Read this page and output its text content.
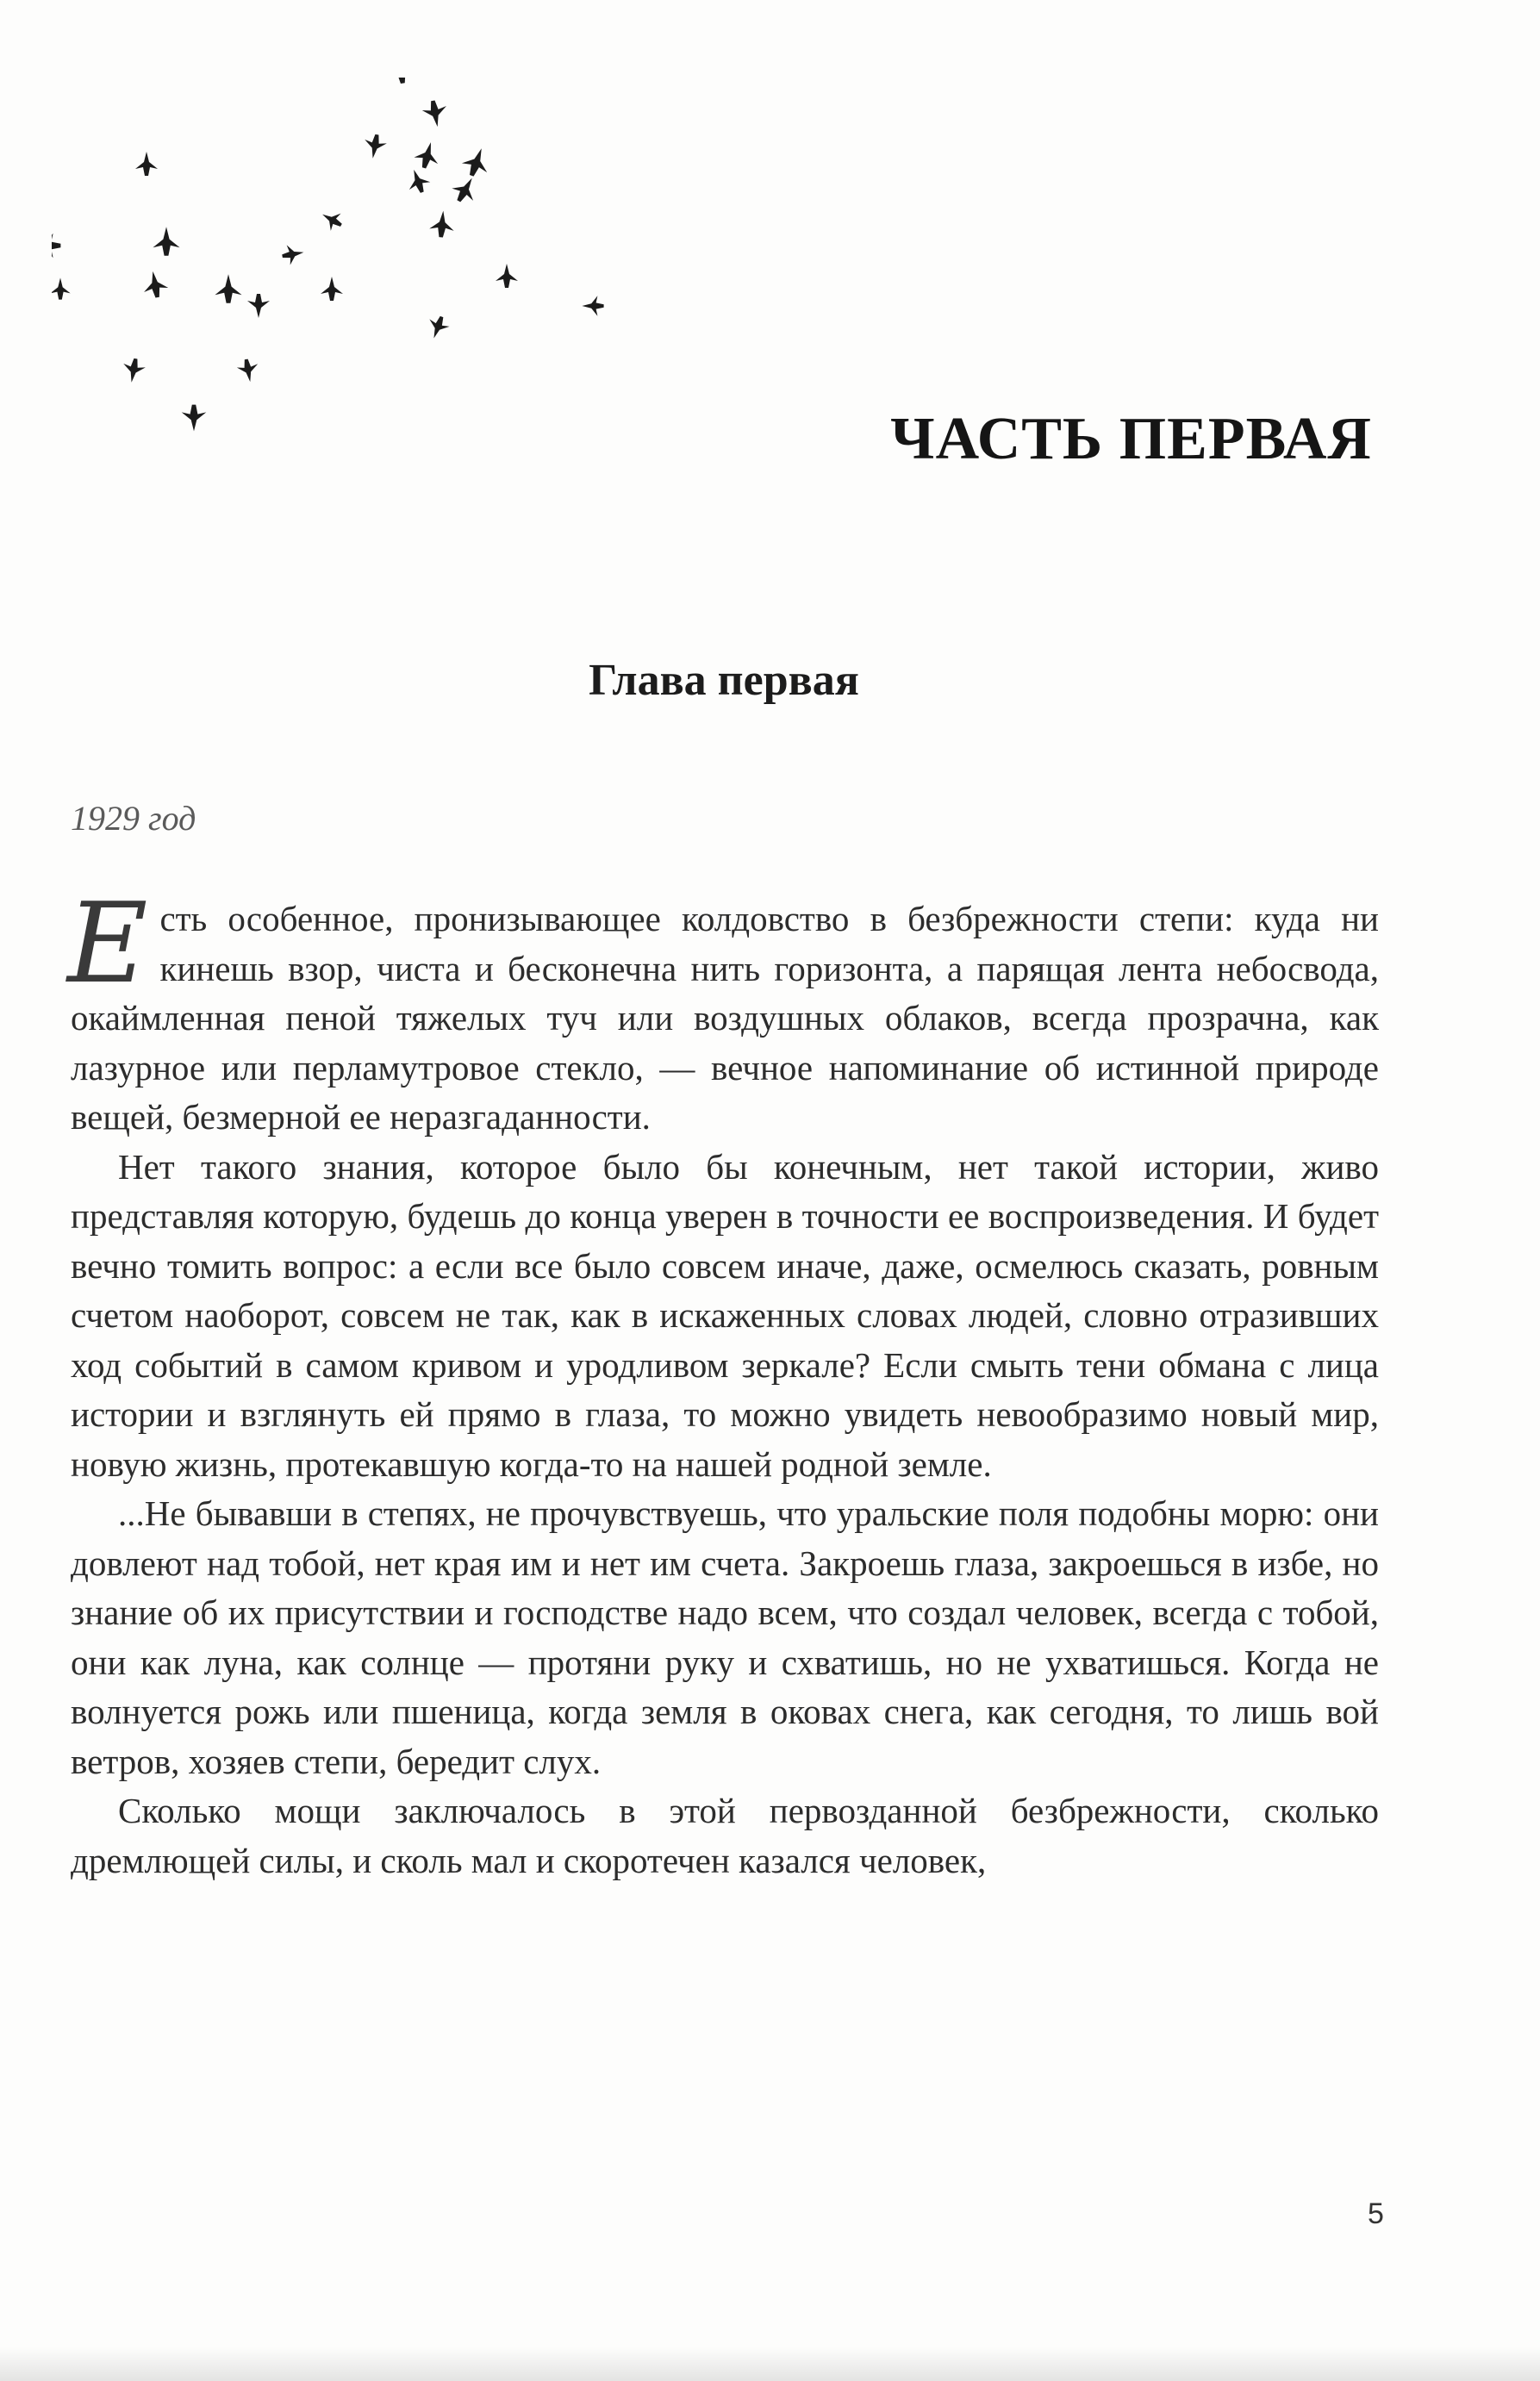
ЧАСТЬ ПЕРВАЯ
Глава первая
1929 год

Есть особенное, пронизывающее колдовство в безбрежности степи: куда ни кинешь взор, чиста и бесконечна нить горизонта, а парящая лента небосвода, окаймленная пеной тяжелых туч или воздушных облаков, всегда прозрачна, как лазурное или перламутровое стекло, — вечное напоминание об истинной природе вещей, безмерной ее неразгаданности.

Нет такого знания, которое было бы конечным, нет такой истории, живо представляя которую, будешь до конца уверен в точности ее воспроизведения. И будет вечно томить вопрос: а если все было совсем иначе, даже, осмелюсь сказать, ровным счетом наоборот, совсем не так, как в искаженных словах людей, словно отразивших ход событий в самом кривом и уродливом зеркале? Если смыть тени обмана с лица истории и взглянуть ей прямо в глаза, то можно увидеть невообразимо новый мир, новую жизнь, протекавшую когда-то на нашей родной земле.

...Не бывавши в степях, не прочувствуешь, что уральские поля подобны морю: они довлеют над тобой, нет края им и нет им счета. Закроешь глаза, закроешься в избе, но знание об их присутствии и господстве надо всем, что создал человек, всегда с тобой, они как луна, как солнце — протяни руку и схватишь, но не ухватишься. Когда не волнуется рожь или пшеница, когда земля в оковах снега, как сегодня, то лишь вой ветров, хозяев степи, бередит слух.

Сколько мощи заключалось в этой первозданной безбрежности, сколько дремлющей силы, и сколь мал и скоротечен казался человек,

5
